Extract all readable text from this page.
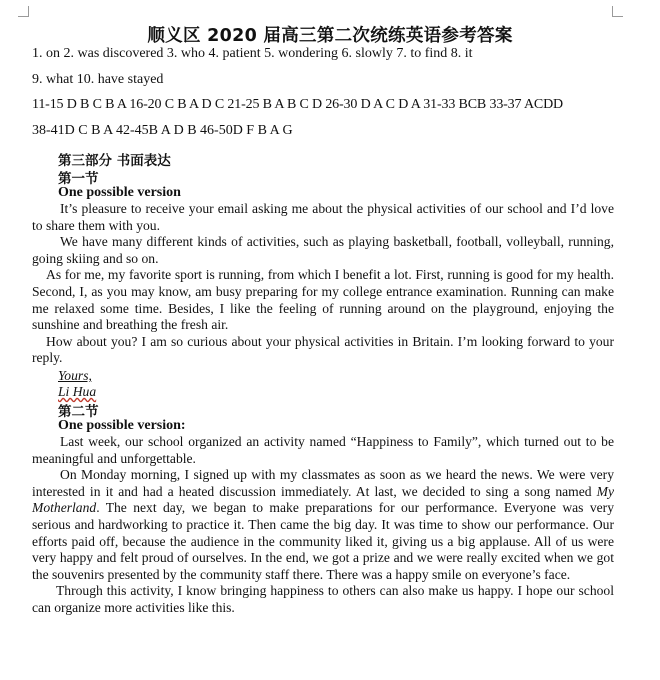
顺义区 2020 届高三第二次统练英语参考答案
1. on 2. was discovered 3. who 4. patient 5. wondering 6. slowly 7. to find 8. it
9. what 10. have stayed
11-15 D B C B A 16-20 C B A D C 21-25 B A B C D 26-30 D A C D A 31-33 BCB 33-37 ACDD
38-41D C B A 42-45B A D B 46-50D F B A G
第三部分 书面表达
第一节
One possible version

It’s pleasure to receive your email asking me about the physical activities of our school and I’d love to share them with you.

We have many different kinds of activities, such as playing basketball, football, volleyball, running, going skiing and so on.

As for me, my favorite sport is running, from which I benefit a lot. First, running is good for my health. Second, I, as you may know, am busy preparing for my college entrance examination. Running can make me relaxed some time. Besides, I like the feeling of running around on the playground, enjoying the sunshine and breathing the fresh air.

How about you? I am so curious about your physical activities in Britain. I’m looking forward to your reply.

Yours,
Li Hua
第二节
One possible version:

Last week, our school organized an activity named “Happiness to Family”, which turned out to be meaningful and unforgettable.

On Monday morning, I signed up with my classmates as soon as we heard the news. We were very interested in it and had a heated discussion immediately. At last, we decided to sing a song named My Motherland. The next day, we began to make preparations for our performance. Everyone was very serious and hardworking to practice it. Then came the big day. It was time to show our performance. Our efforts paid off, because the audience in the community liked it, giving us a big applause. All of us were very happy and felt proud of ourselves. In the end, we got a prize and we were really excited when we got the souvenirs presented by the community staff there. There was a happy smile on everyone’s face.

Through this activity, I know bringing happiness to others can also make us happy. I hope our school can organize more activities like this.
